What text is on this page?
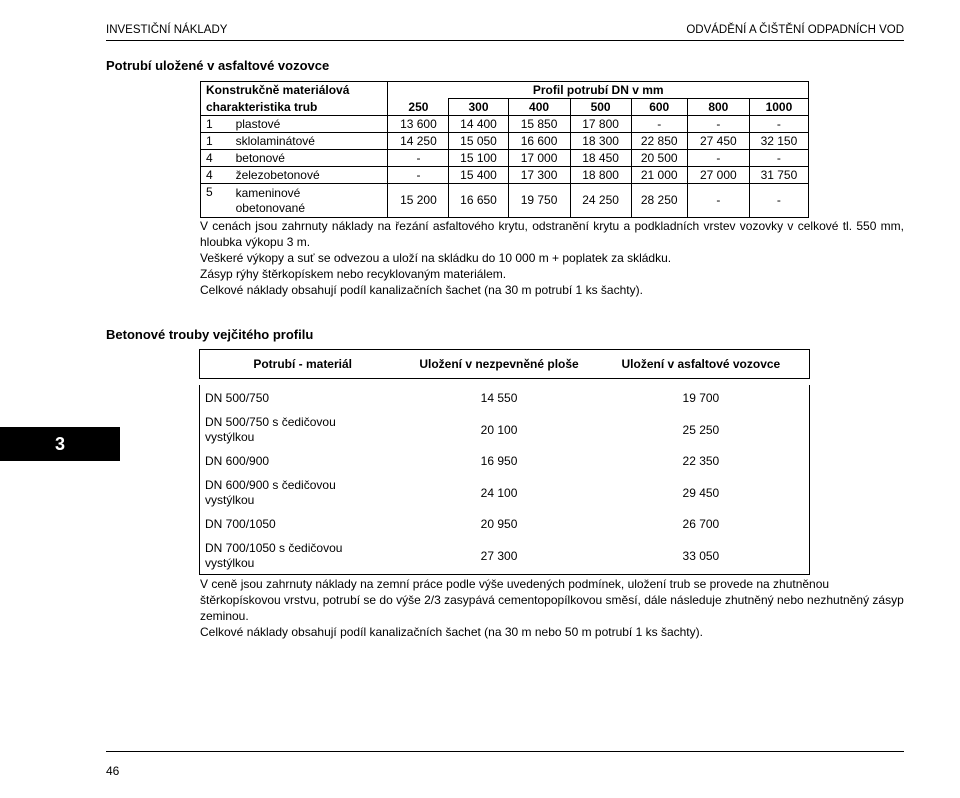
INVESTIČNÍ NÁKLADY	ODVÁDĚNÍ A ČIŠTĚNÍ ODPADNÍCH VOD
Potrubí uložené v asfaltové vozovce
Konstrukčně materiálová		Profil potrubí DN v mm						
charakteristika trub		250	300	400	500	600	800	1000
1	plastové	13 600	14 400	15 850	17 800	-	-	-
1	sklolaminátové	14 250	15 050	16 600	18 300	22 850	27 450	32 150
4	betonové	-	15 100	17 000	18 450	20 500	-	-
4	železobetonové	-	15 400	17 300	18 800	21 000	27 000	31 750
5	kameninové
obetonované	15 200	16 650	19 750	24 250	28 250	-	-

V cenách jsou zahrnuty náklady na řezání asfaltového krytu, odstranění krytu a podkladních vrstev vozovky v celkové tl. 550 mm, hloubka výkopu 3 m.

Veškeré výkopy a suť se odvezou a uloží na skládku do 10 000 m + poplatek za skládku.

Zásyp rýhy štěrkopískem nebo recyklovaným materiálem.

Celkové náklady obsahují podíl kanalizačních šachet (na 30 m potrubí 1 ks šachty).

Betonové trouby vejčitého profilu
Potrubí - materiál	Uložení v nezpevněné ploše	Uložení v asfaltové vozovce

DN 500/750	14 550	19 700

DN 500/750 s čedičovou
vystýlkou	20 100	25 250
DN 600/900	16 950	22 350

DN 600/900 s čedičovou
vystýlkou	24 100	29 450
DN 700/1050	20 950	26 700

DN 700/1050 s čedičovou
vystýlkou	27 300	33 050
3

V ceně jsou zahrnuty náklady na zemní práce podle výše uvedených podmínek, uložení trub se provede na zhutněnou štěrkopískovou vrstvu, potrubí se do výše 2/3 zasypává cementopopílkovou směsí, dále následuje zhutněný nebo nezhutněný zásyp zeminou.

Celkové náklady obsahují podíl kanalizačních šachet (na 30 m nebo 50 m potrubí 1 ks šachty).

46
